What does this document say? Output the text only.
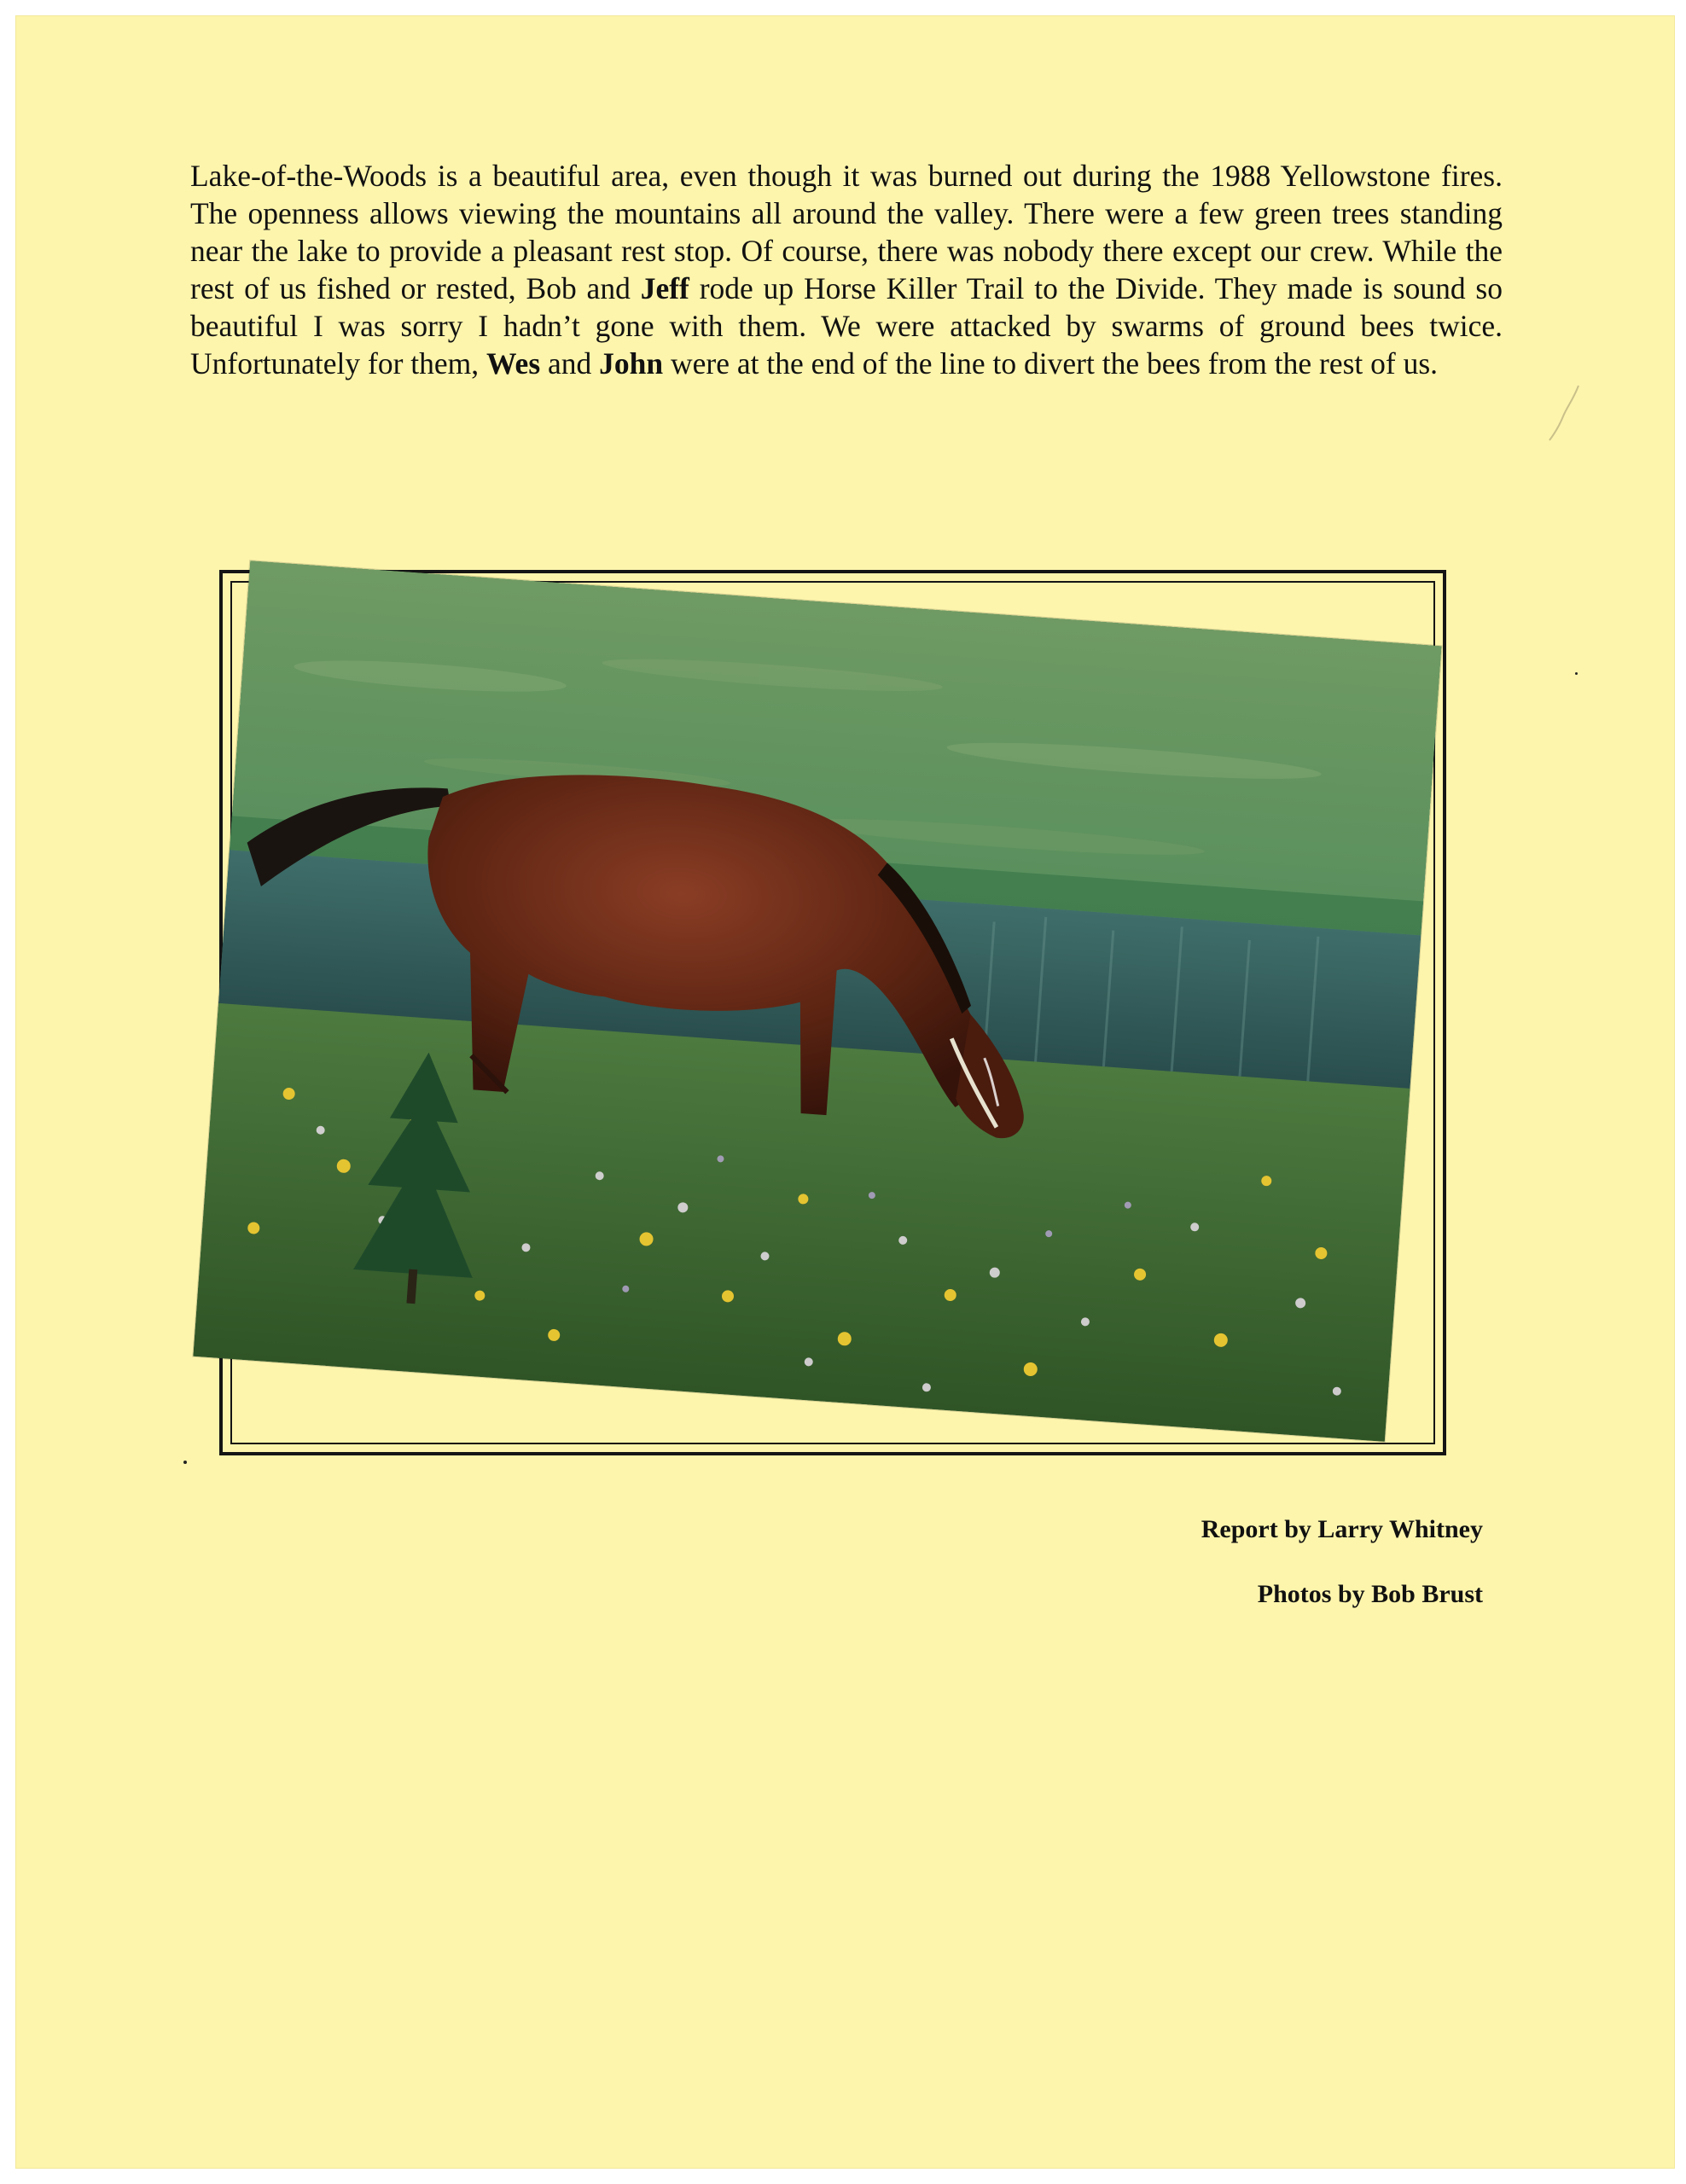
Lake-of-the-Woods is a beautiful area, even though it was burned out during the 1988 Yellowstone fires. The openness allows viewing the mountains all around the valley. There were a few green trees standing near the lake to provide a pleasant rest stop. Of course, there was nobody there except our crew. While the rest of us fished or rested, Bob and Jeff rode up Horse Killer Trail to the Divide. They made is sound so beautiful I was sorry I hadn’t gone with them. We were attacked by swarms of ground bees twice. Unfortunately for them, Wes and John were at the end of the line to divert the bees from the rest of us.

Report by Larry Whitney

Photos by Bob Brust
